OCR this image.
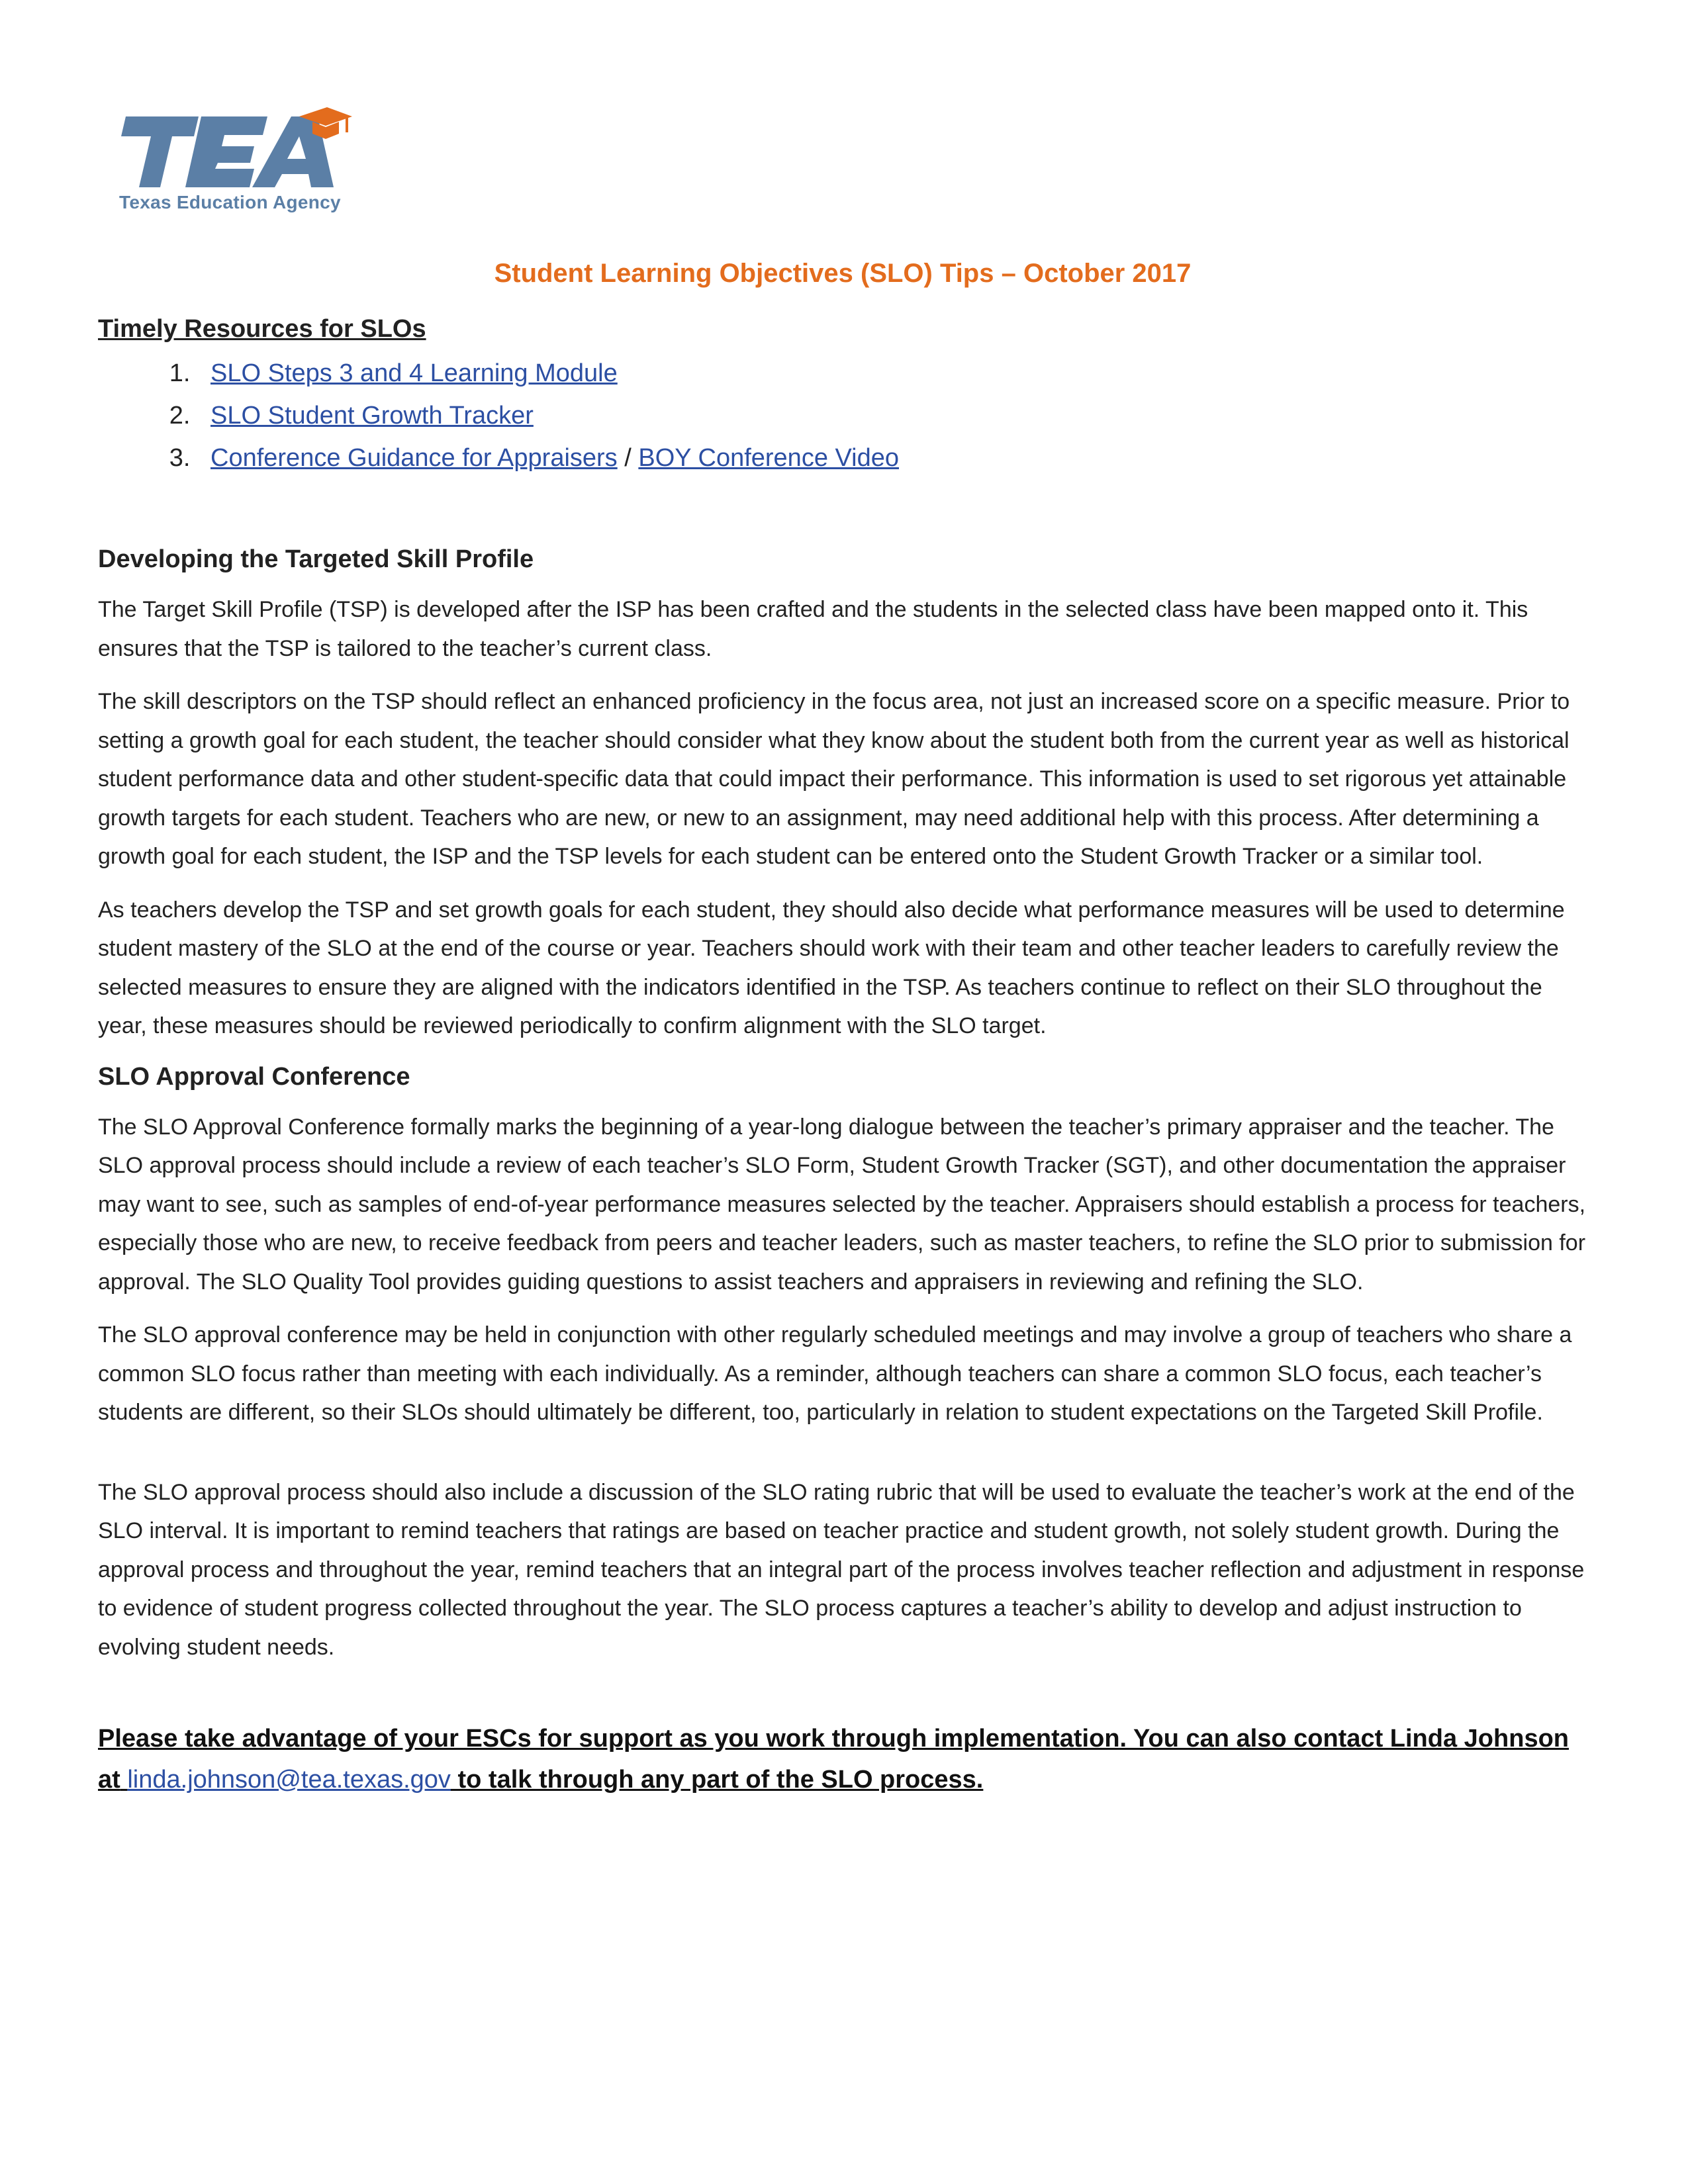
Texas Education Agency
Student Learning Objectives (SLO) Tips – October 2017
Timely Resources for SLOs
1. SLO Steps 3 and 4 Learning Module
2. SLO Student Growth Tracker
3. Conference Guidance for Appraisers / BOY Conference Video
Developing the Targeted Skill Profile

The Target Skill Profile (TSP) is developed after the ISP has been crafted and the students in the selected class have been mapped onto it. This ensures that the TSP is tailored to the teacher’s current class.

The skill descriptors on the TSP should reflect an enhanced proficiency in the focus area, not just an increased score on a specific measure. Prior to setting a growth goal for each student, the teacher should consider what they know about the student both from the current year as well as historical student performance data and other student-specific data that could impact their performance. This information is used to set rigorous yet attainable growth targets for each student. Teachers who are new, or new to an assignment, may need additional help with this process. After determining a growth goal for each student, the ISP and the TSP levels for each student can be entered onto the Student Growth Tracker or a similar tool.

As teachers develop the TSP and set growth goals for each student, they should also decide what performance measures will be used to determine student mastery of the SLO at the end of the course or year. Teachers should work with their team and other teacher leaders to carefully review the selected measures to ensure they are aligned with the indicators identified in the TSP. As teachers continue to reflect on their SLO throughout the year, these measures should be reviewed periodically to confirm alignment with the SLO target.

SLO Approval Conference

The SLO Approval Conference formally marks the beginning of a year-long dialogue between the teacher’s primary appraiser and the teacher. The SLO approval process should include a review of each teacher’s SLO Form, Student Growth Tracker (SGT), and other documentation the appraiser may want to see, such as samples of end-of-year performance measures selected by the teacher. Appraisers should establish a process for teachers, especially those who are new, to receive feedback from peers and teacher leaders, such as master teachers, to refine the SLO prior to submission for approval. The SLO Quality Tool provides guiding questions to assist teachers and appraisers in reviewing and refining the SLO.

The SLO approval conference may be held in conjunction with other regularly scheduled meetings and may involve a group of teachers who share a common SLO focus rather than meeting with each individually. As a reminder, although teachers can share a common SLO focus, each teacher’s students are different, so their SLOs should ultimately be different, too, particularly in relation to student expectations on the Targeted Skill Profile.

The SLO approval process should also include a discussion of the SLO rating rubric that will be used to evaluate the teacher’s work at the end of the SLO interval. It is important to remind teachers that ratings are based on teacher practice and student growth, not solely student growth. During the approval process and throughout the year, remind teachers that an integral part of the process involves teacher reflection and adjustment in response to evidence of student progress collected throughout the year. The SLO process captures a teacher’s ability to develop and adjust instruction to evolving student needs.

Please take advantage of your ESCs for support as you work through implementation. You can also contact Linda Johnson at linda.johnson@tea.texas.gov to talk through any part of the SLO process.
